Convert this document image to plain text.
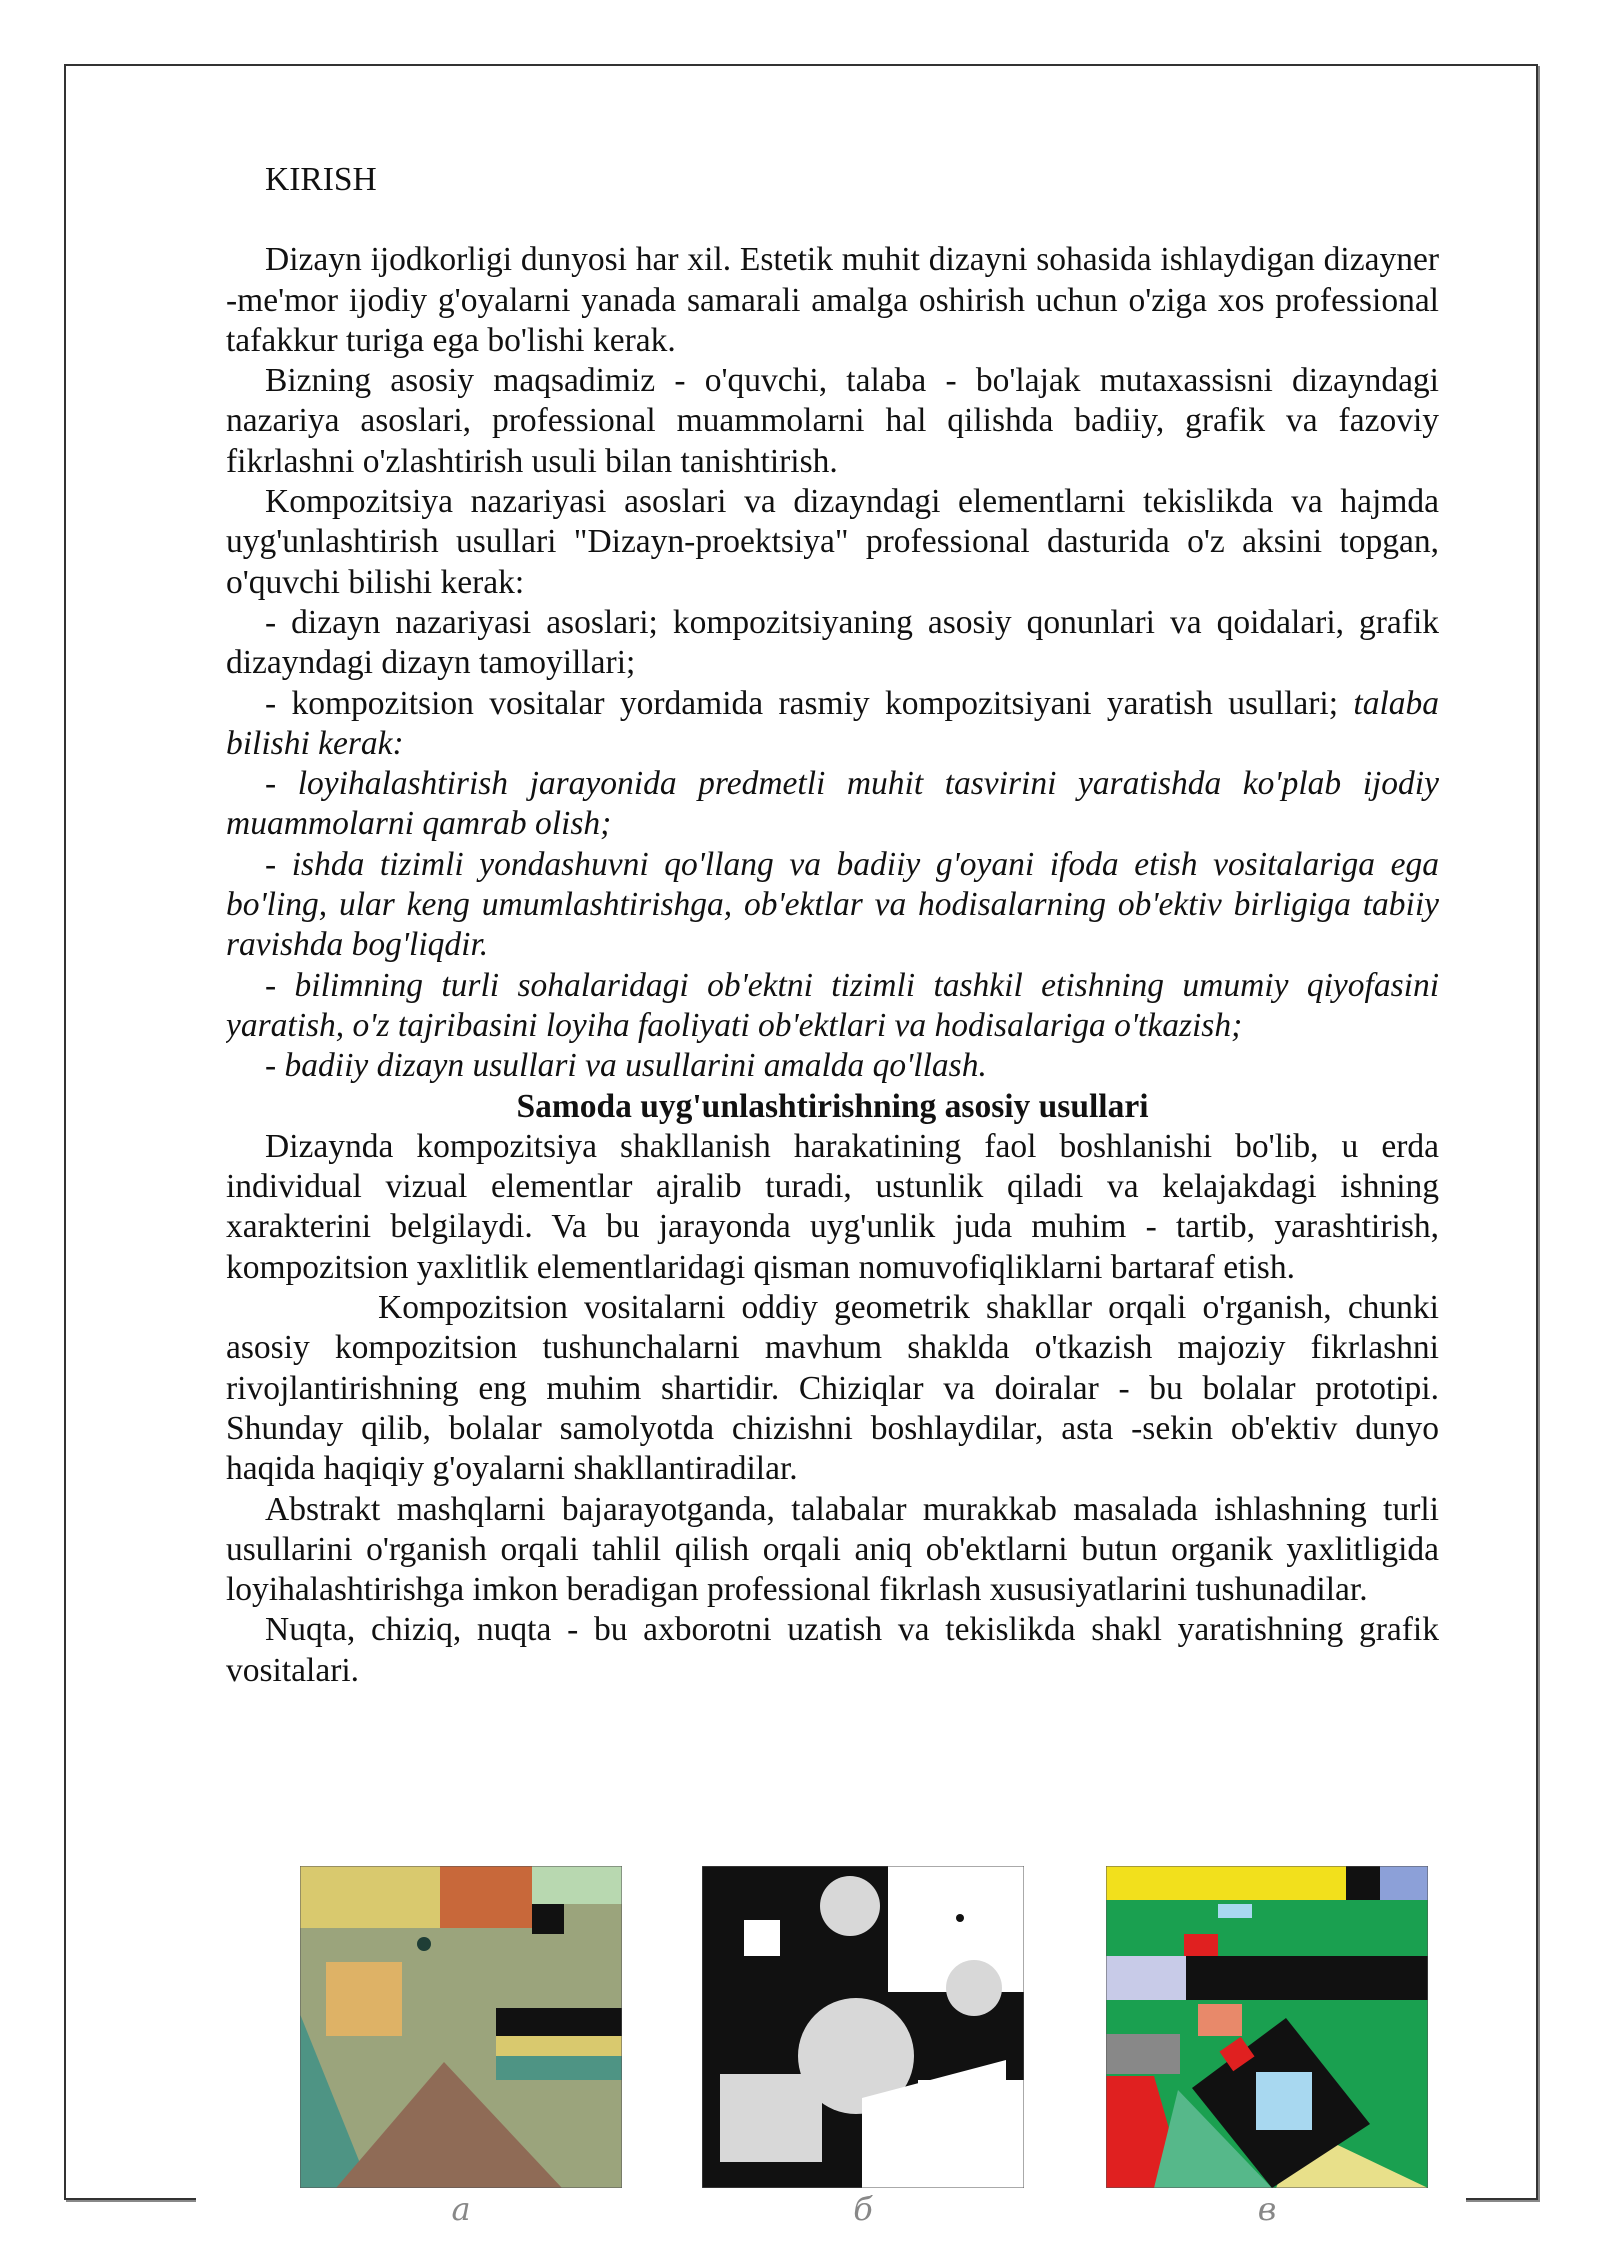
KIRISH

Dizayn ijodkorligi dunyosi har xil. Estetik muhit dizayni sohasida ishlaydigan dizayner -me'mor ijodiy g'oyalarni yanada samarali amalga oshirish uchun o'ziga xos professional tafakkur turiga ega bo'lishi kerak.

Bizning asosiy maqsadimiz - o'quvchi, talaba - bo'lajak mutaxassisni dizayndagi nazariya asoslari, professional muammolarni hal qilishda badiiy, grafik va fazoviy fikrlashni o'zlashtirish usuli bilan tanishtirish.

Kompozitsiya nazariyasi asoslari va dizayndagi elementlarni tekislikda va hajmda uyg'unlashtirish usullari "Dizayn-proektsiya" professional dasturida o'z aksini topgan, o'quvchi bilishi kerak:

- dizayn nazariyasi asoslari; kompozitsiyaning asosiy qonunlari va qoidalari, grafik dizayndagi dizayn tamoyillari;

- kompozitsion vositalar yordamida rasmiy kompozitsiyani yaratish usullari; talaba bilishi kerak:

- loyihalashtirish jarayonida predmetli muhit tasvirini yaratishda ko'plab ijodiy muammolarni qamrab olish;

- ishda tizimli yondashuvni qo'llang va badiiy g'oyani ifoda etish vositalariga ega bo'ling, ular keng umumlashtirishga, ob'ektlar va hodisalarning ob'ektiv birligiga tabiiy ravishda bog'liqdir.

- bilimning turli sohalaridagi ob'ektni tizimli tashkil etishning umumiy qiyofasini yaratish, o'z tajribasini loyiha faoliyati ob'ektlari va hodisalariga o'tkazish;

- badiiy dizayn usullari va usullarini amalda qo'llash.

Samoda uyg'unlashtirishning asosiy usullari

Dizaynda kompozitsiya shakllanish harakatining faol boshlanishi bo'lib, u erda individual vizual elementlar ajralib turadi, ustunlik qiladi va kelajakdagi ishning xarakterini belgilaydi. Va bu jarayonda uyg'unlik juda muhim - tartib, yarashtirish, kompozitsion yaxlitlik elementlaridagi qisman nomuvofiqliklarni bartaraf etish.

Kompozitsion vositalarni oddiy geometrik shakllar orqali o'rganish, chunki asosiy kompozitsion tushunchalarni mavhum shaklda o'tkazish majoziy fikrlashni rivojlantirishning eng muhim shartidir. Chiziqlar va doiralar - bu bolalar prototipi. Shunday qilib, bolalar samolyotda chizishni boshlaydilar, asta -sekin ob'ektiv dunyo haqida haqiqiy g'oyalarni shakllantiradilar.

Abstrakt mashqlarni bajarayotganda, talabalar murakkab masalada ishlashning turli usullarini o'rganish orqali tahlil qilish orqali aniq ob'ektlarni butun organik yaxlitligida loyihalashtirishga imkon beradigan professional fikrlash xususiyatlarini tushunadilar.

Nuqta, chiziq, nuqta - bu axborotni uzatish va tekislikda shakl yaratishning grafik vositalari.

а	б	в
